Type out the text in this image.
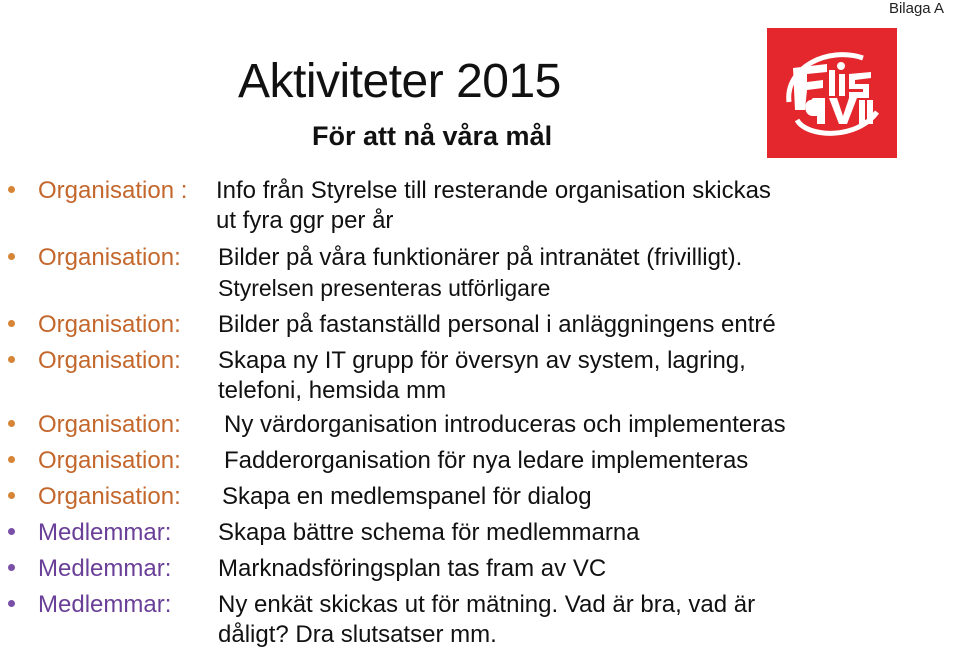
Bilaga A
Aktiviteter 2015
För att nå våra mål
Organisation : Info från Styrelse till resterande organisation skickas
ut fyra ggr per år
Organisation: Bilder på våra funktionärer på intranätet (frivilligt).
Styrelsen presenteras utförligare
Organisation: Bilder på fastanställd personal i anläggningens entré
Organisation: Skapa ny IT grupp för översyn av system, lagring,
telefoni, hemsida mm
Organisation: Ny värdorganisation introduceras och implementeras
Organisation: Fadderorganisation för nya ledare implementeras
Organisation: Skapa en medlemspanel för dialog
Medlemmar: Skapa bättre schema för medlemmarna
Medlemmar: Marknadsföringsplan tas fram av VC
Medlemmar: Ny enkät skickas ut för mätning. Vad är bra, vad är
dåligt? Dra slutsatser mm.
